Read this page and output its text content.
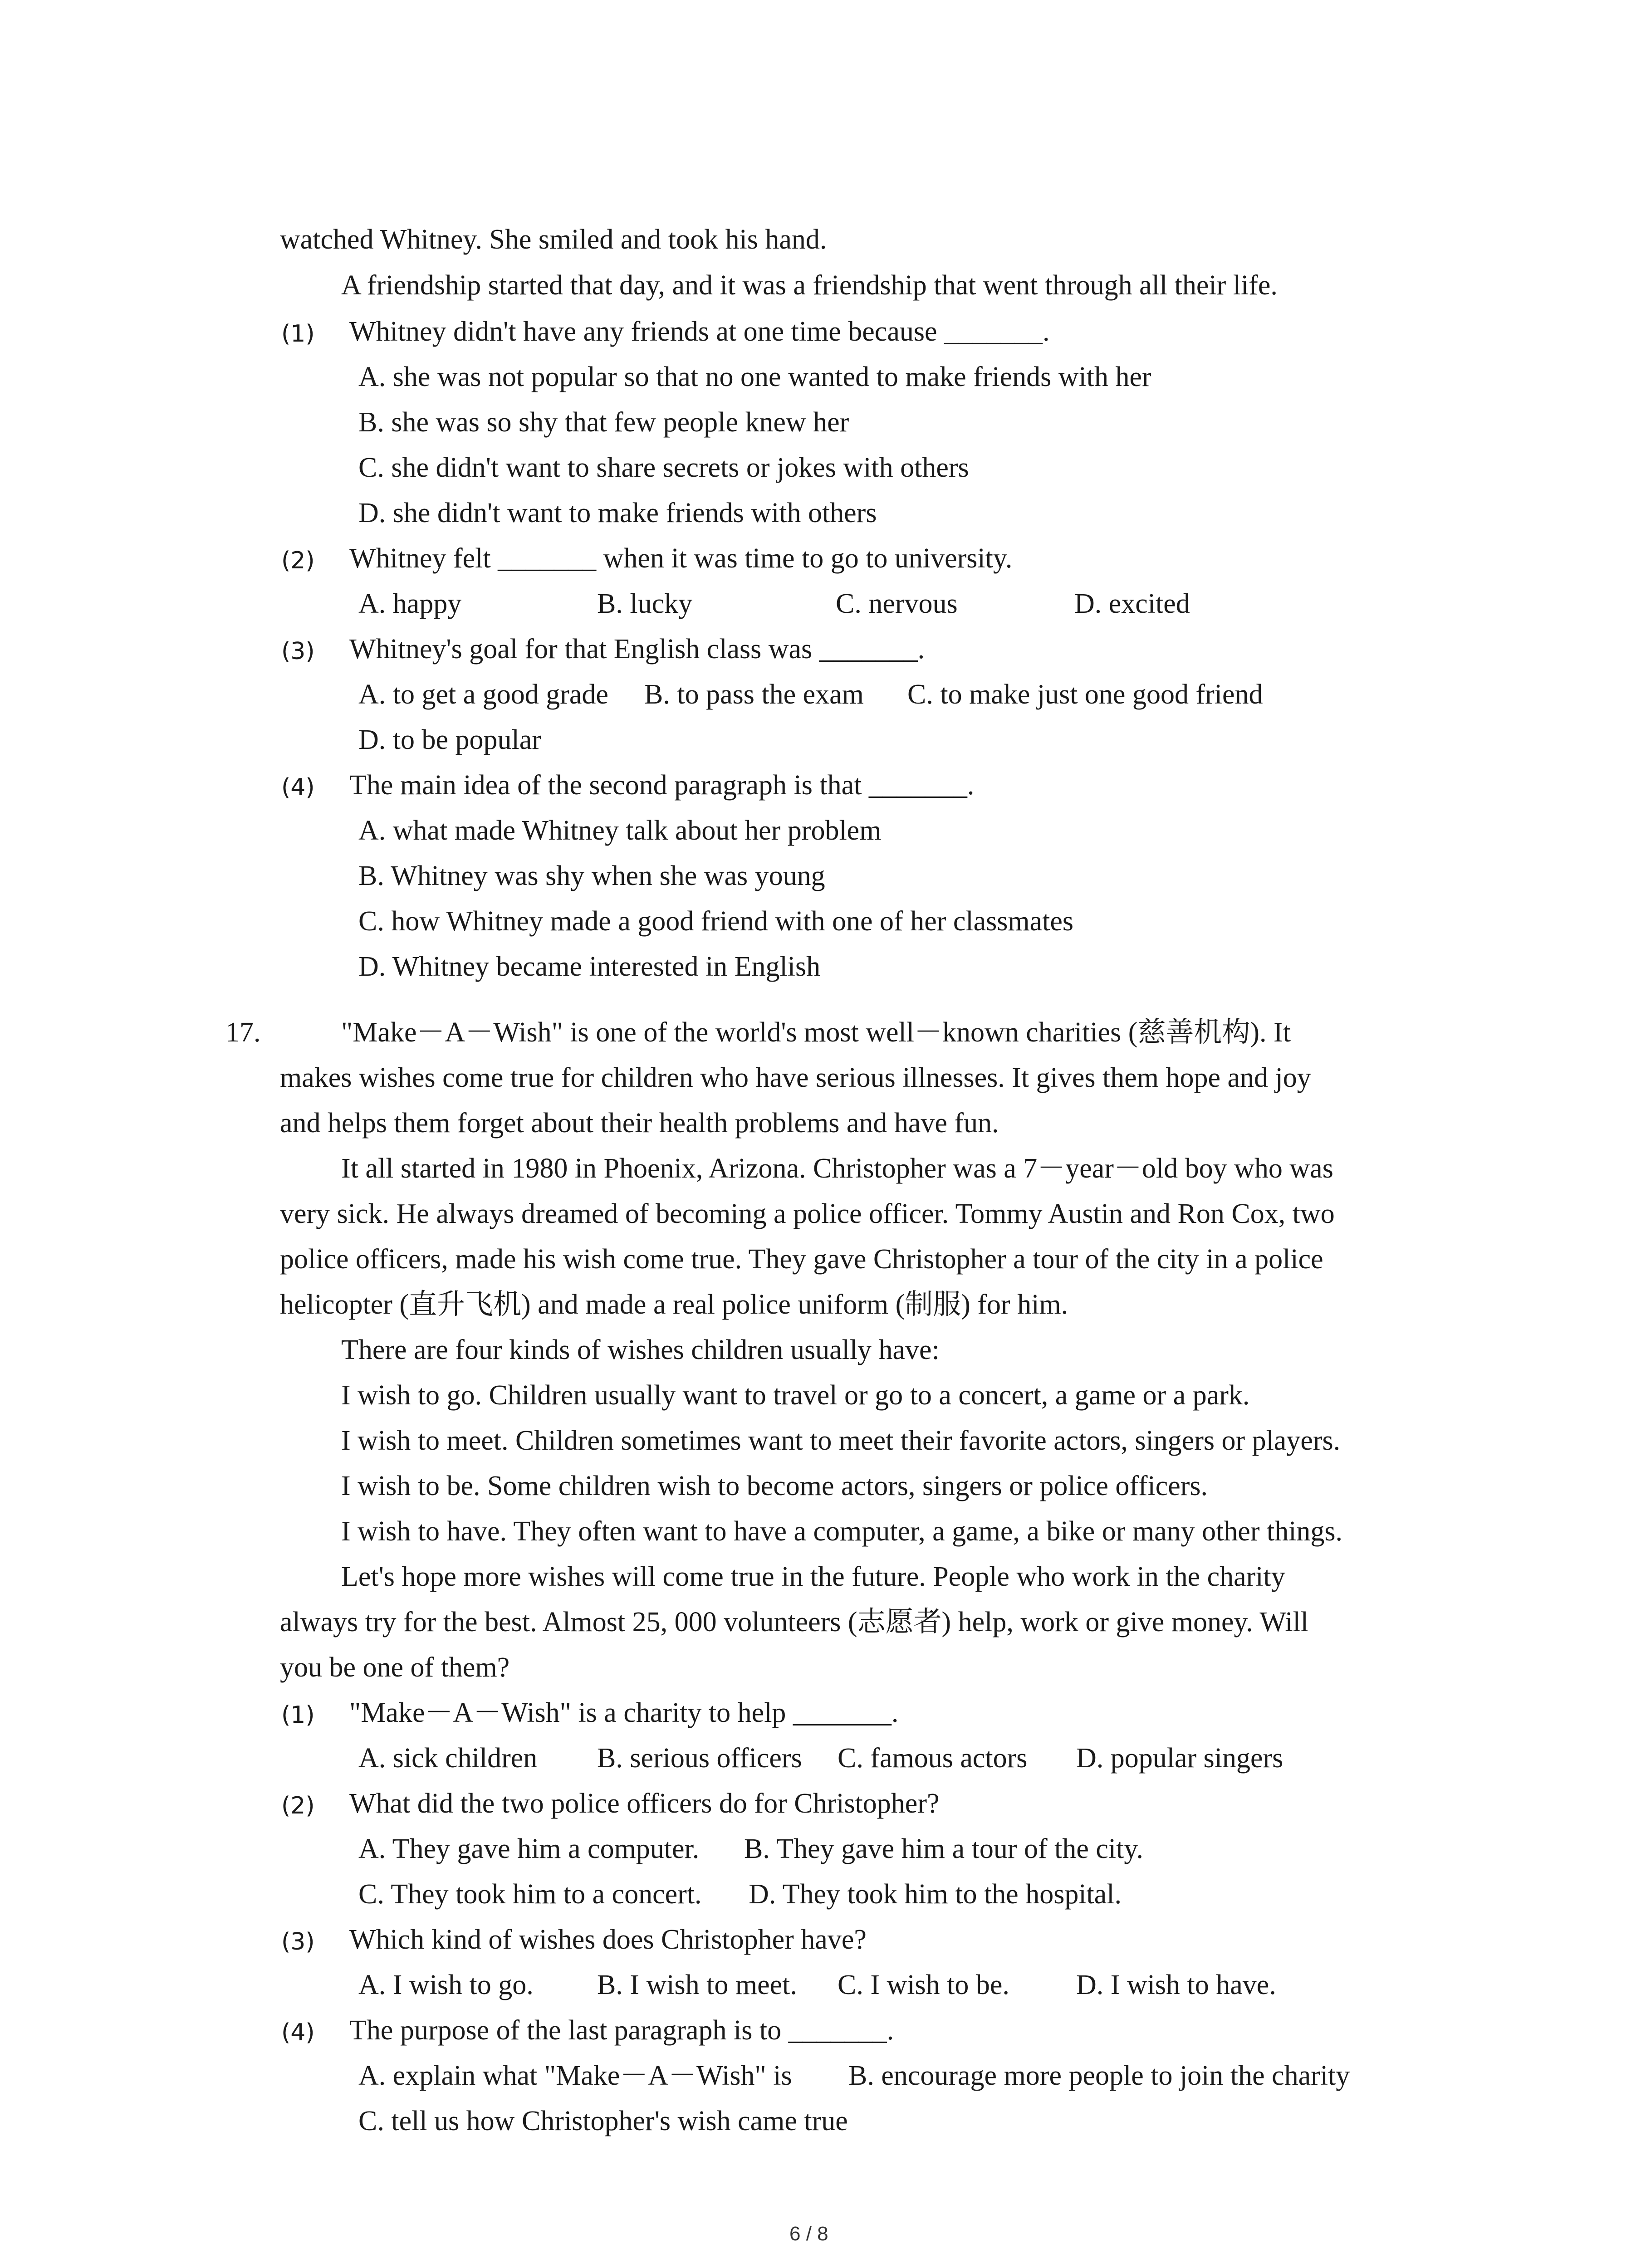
watched Whitney. She smiled and took his hand.
A friendship started that day, and it was a friendship that went through all their life.
(1) Whitney didn't have any friends at one time because _______.
A. she was not popular so that no one wanted to make friends with her
B. she was so shy that few people knew her
C. she didn't want to share secrets or jokes with others
D. she didn't want to make friends with others
(2) Whitney felt _______ when it was time to go to university.
A. happy	B. lucky	C. nervous	D. excited
(3) Whitney's goal for that English class was _______.
A. to get a good grade B. to pass the exam C. to make just one good friend
D. to be popular
(4) The main idea of the second paragraph is that _______.
A. what made Whitney talk about her problem
B. Whitney was shy when she was young
C. how Whitney made a good friend with one of her classmates
D. Whitney became interested in English
17.	"Make－A－Wish" is one of the world's most well－known charities (慈善机构). It
makes wishes come true for children who have serious illnesses. It gives them hope and joy
and helps them forget about their health problems and have fun.
It all started in 1980 in Phoenix, Arizona. Christopher was a 7－year－old boy who was
very sick. He always dreamed of becoming a police officer. Tommy Austin and Ron Cox, two
police officers, made his wish come true. They gave Christopher a tour of the city in a police
helicopter (直升飞机) and made a real police uniform (制服) for him.
There are four kinds of wishes children usually have:
I wish to go. Children usually want to travel or go to a concert, a game or a park.
I wish to meet. Children sometimes want to meet their favorite actors, singers or players.
I wish to be. Some children wish to become actors, singers or police officers.
I wish to have. They often want to have a computer, a game, a bike or many other things.
Let's hope more wishes will come true in the future. People who work in the charity
always try for the best. Almost 25, 000 volunteers (志愿者) help, work or give money. Will
you be one of them?
(1) "Make－A－Wish" is a charity to help _______.
A. sick children B. serious officers C. famous actors D. popular singers
(2) What did the two police officers do for Christopher?
A. They gave him a computer. B. They gave him a tour of the city.
C. They took him to a concert. D. They took him to the hospital.
(3) Which kind of wishes does Christopher have?
A. I wish to go. B. I wish to meet. C. I wish to be. D. I wish to have.
(4) The purpose of the last paragraph is to _______.
A. explain what "Make－A－Wish" is B. encourage more people to join the charity
C. tell us how Christopher's wish came true
6 / 8
